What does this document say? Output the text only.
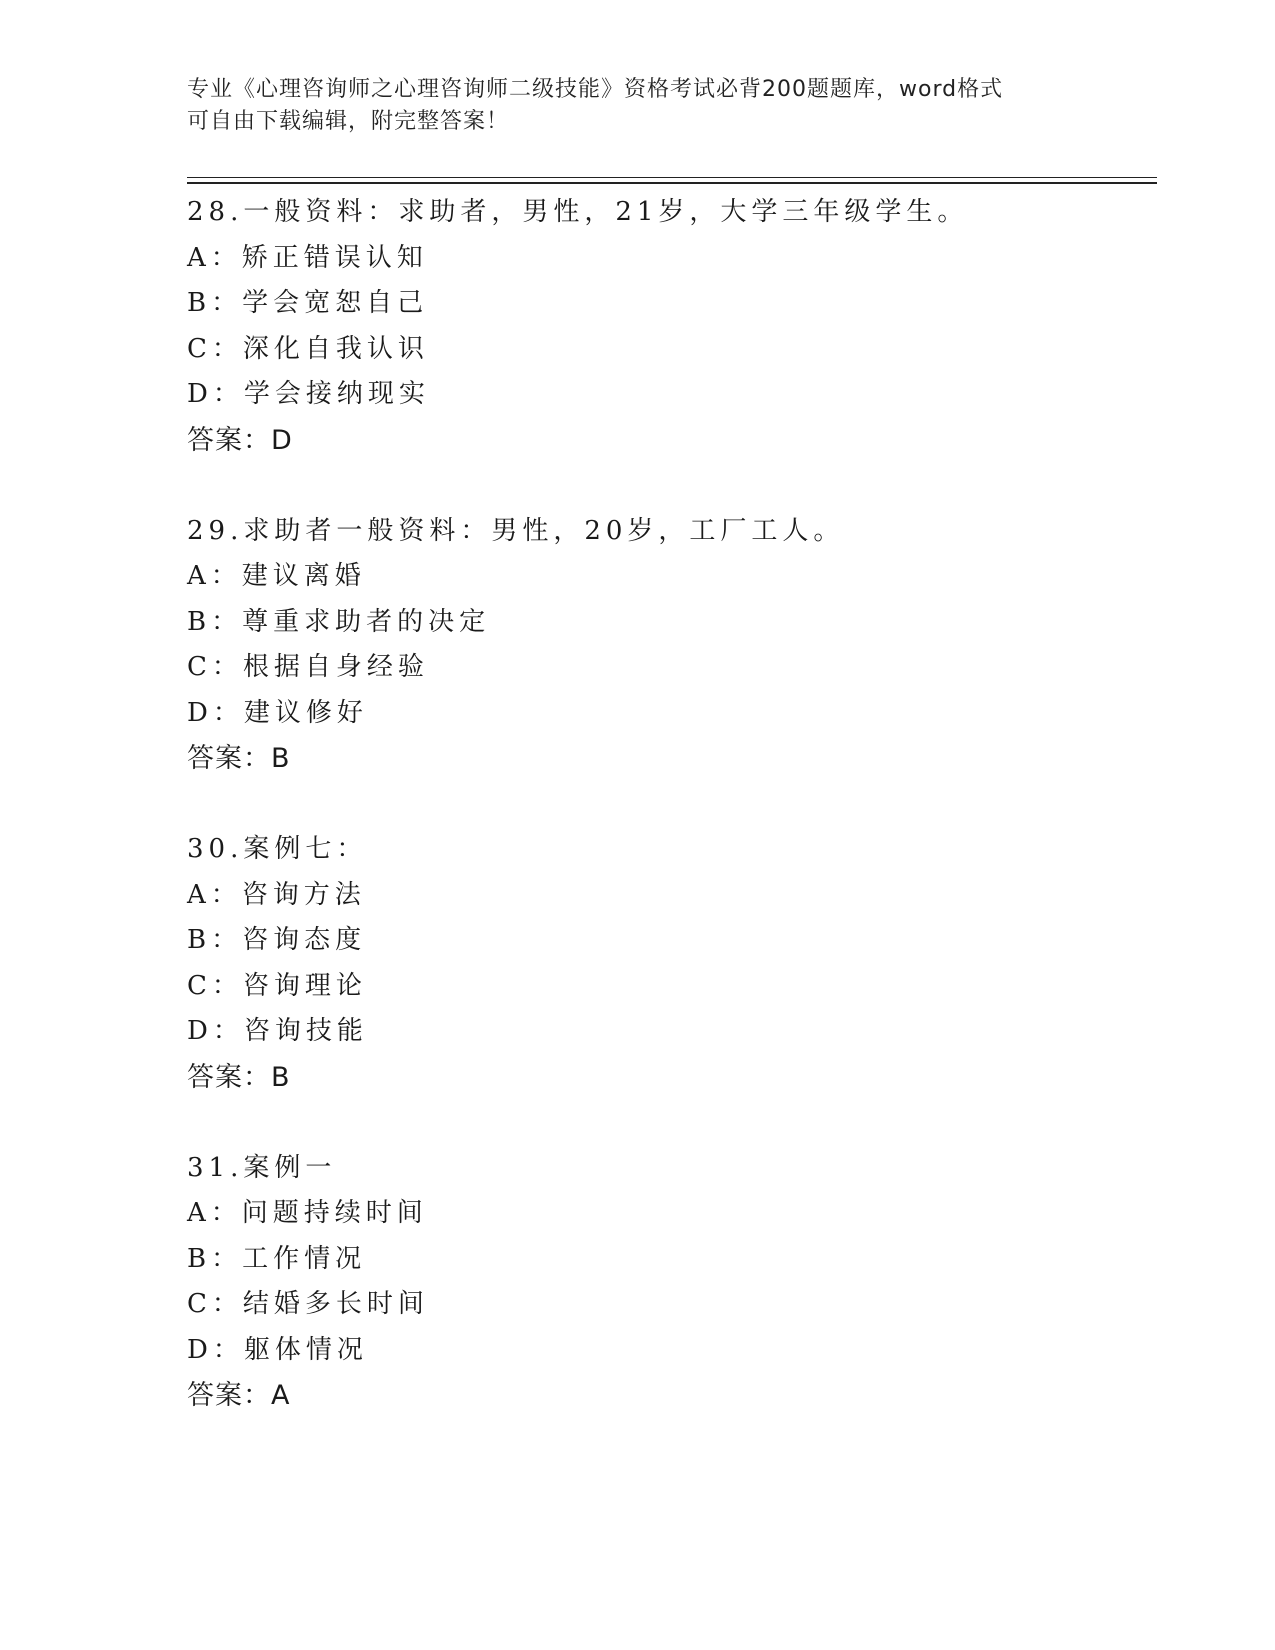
专业《心理咨询师之心理咨询师二级技能》资格考试必背200题题库，word格式
可自由下载编辑，附完整答案！
28.一般资料：求助者，男性，21岁，大学三年级学生。
A：矫正错误认知
B：学会宽恕自己
C：深化自我认识
D：学会接纳现实
答案：D
29.求助者一般资料：男性，20岁，工厂工人。
A：建议离婚
B：尊重求助者的决定
C：根据自身经验
D：建议修好
答案：B
30.案例七：
A：咨询方法
B：咨询态度
C：咨询理论
D：咨询技能
答案：B
31.案例一
A：问题持续时间
B：工作情况
C：结婚多长时间
D：躯体情况
答案：A
